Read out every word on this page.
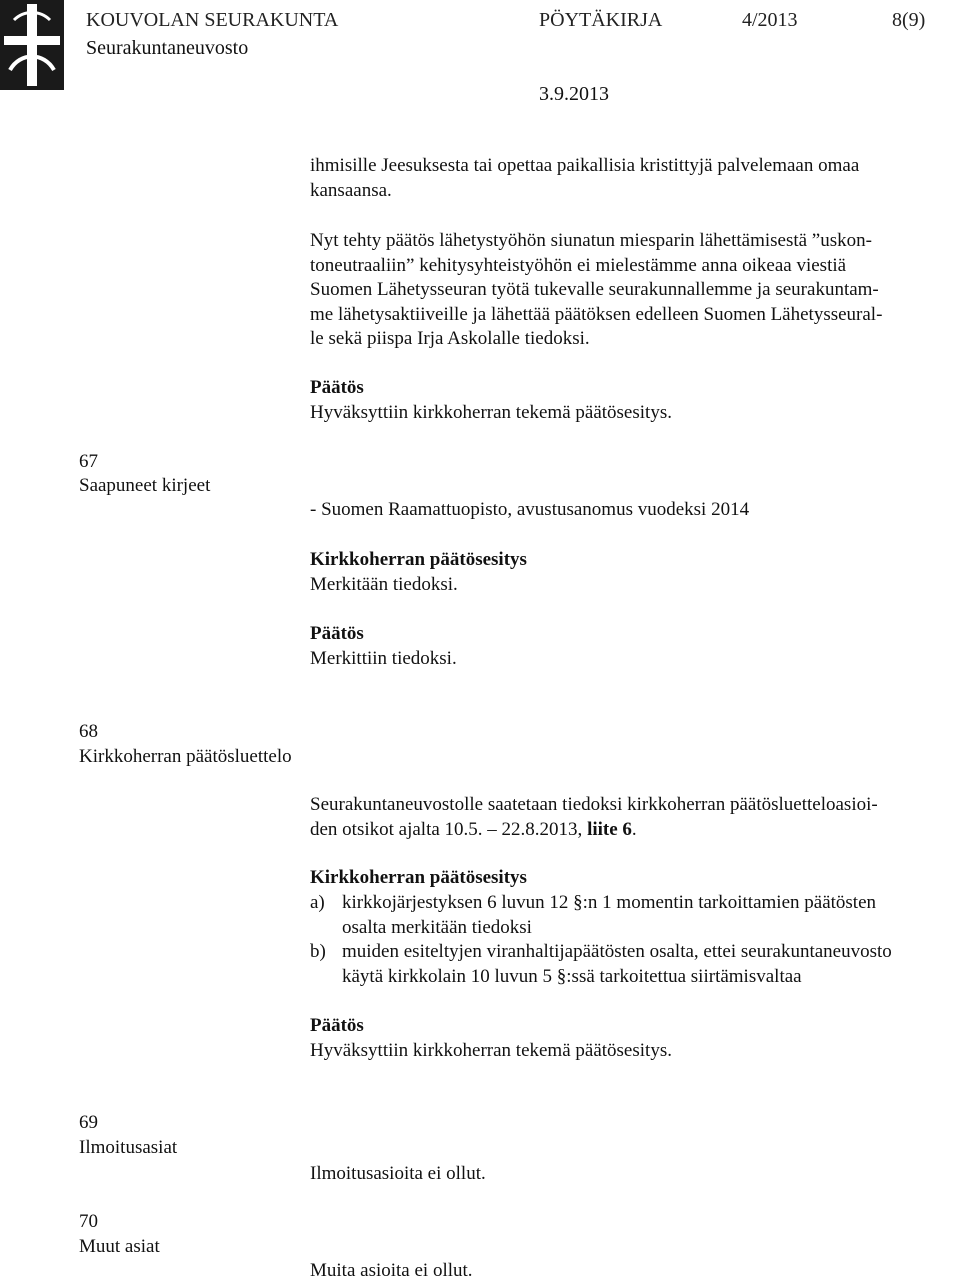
KOUVOLAN SEURAKUNTA	PÖYTÄKIRJA	4/2013	8(9)
Seurakuntaneuvosto
3.9.2013
ihmisille Jeesuksesta tai opettaa paikallisia kristittyjä palvelemaan omaa
kansaansa.
Nyt tehty päätös lähetystyöhön siunatun miesparin lähettämisestä ”uskon-
toneutraaliin” kehitysyhteistyöhön ei mielestämme anna oikeaa viestiä
Suomen Lähetysseuran työtä tukevalle seurakunnallemme ja seurakuntam-
me lähetysaktiiveille ja lähettää päätöksen edelleen Suomen Lähetysseural-
le sekä piispa Irja Askolalle tiedoksi.
Päätös
Hyväksyttiin kirkkoherran tekemä päätösesitys.
67
Saapuneet kirjeet
- Suomen Raamattuopisto, avustusanomus vuodeksi 2014
Kirkkoherran päätösesitys
Merkitään tiedoksi.
Päätös
Merkittiin tiedoksi.
68
Kirkkoherran päätösluettelo
Seurakuntaneuvostolle saatetaan tiedoksi kirkkoherran päätösluetteloasioi-
den otsikot ajalta 10.5. – 22.8.2013, liite 6.
Kirkkoherran päätösesitys
a) kirkkojärjestyksen 6 luvun 12 §:n 1 momentin tarkoittamien päätösten
osalta merkitään tiedoksi
b) muiden esiteltyjen viranhaltijapäätösten osalta, ettei seurakuntaneuvosto
käytä kirkkolain 10 luvun 5 §:ssä tarkoitettua siirtämisvaltaa
Päätös
Hyväksyttiin kirkkoherran tekemä päätösesitys.
69
Ilmoitusasiat
Ilmoitusasioita ei ollut.
70
Muut asiat
Muita asioita ei ollut.
